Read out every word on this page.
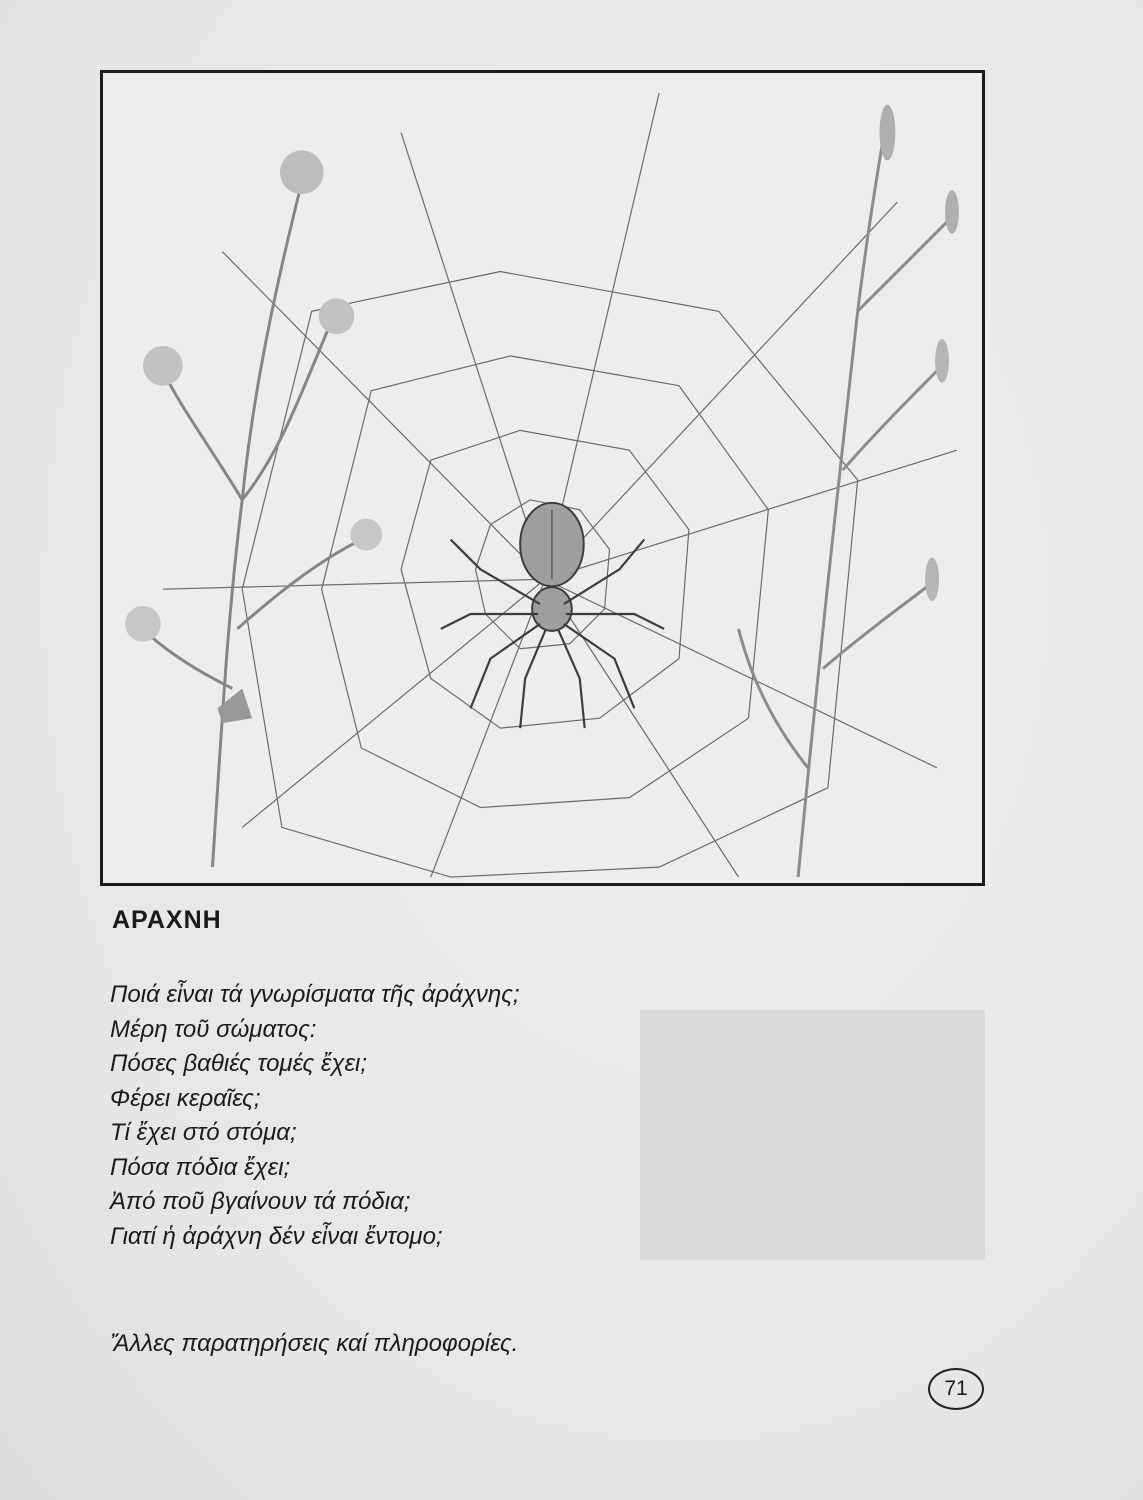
ΑΡΑΧΝΗ
Ποιά εἶναι τά γνωρίσματα τῆς ἀράχνης;
Μέρη τοῦ σώματος:
Πόσες βαθιές τομές ἔχει;
Φέρει κεραῖες;
Τί ἔχει στό στόμα;
Πόσα πόδια ἔχει;
Ἀπό ποῦ βγαίνουν τά πόδια;
Γιατί ἡ ἀράχνη δέν εἶναι ἔντομο;

Ἄλλες παρατηρήσεις καί πληροφορίες.

71
